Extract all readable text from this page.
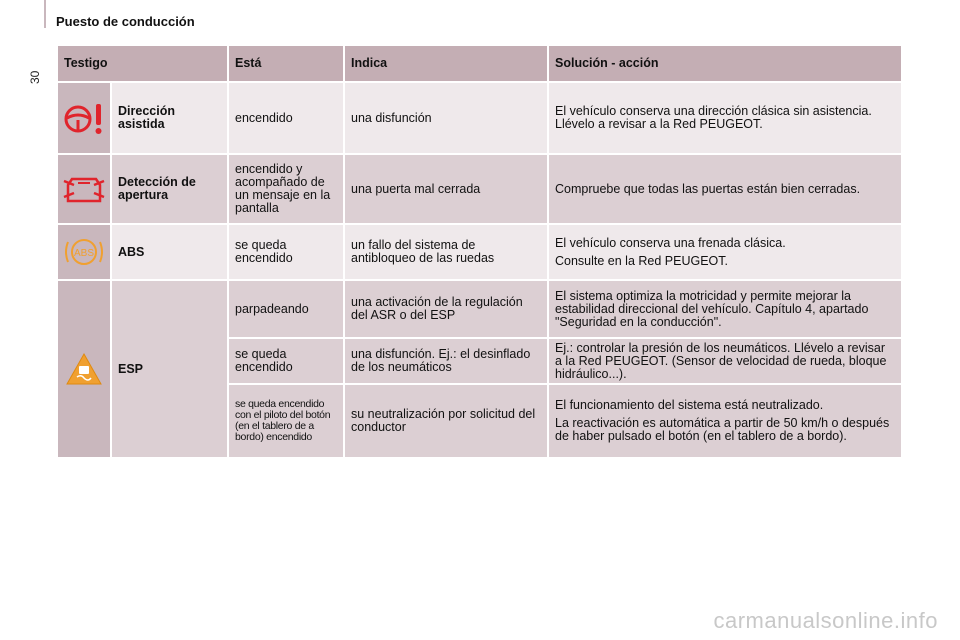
30
Puesto de conducción
Testigo		Está	Indica	Solución - acción

	Dirección asistida	encendido	una disfunción	El vehículo conserva una dirección clásica sin asistencia. Llévelo a revisar a la Red PEUGEOT.

	Detección de apertura	encendido y acompañado de un mensaje en la pantalla	una puerta mal cerrada	Compruebe que todas las puertas están bien cerradas.

ABS	ABS	se queda encendido	un fallo del sistema de antibloqueo de las ruedas	El vehículo conserva una frenada clásica.

Consulte en la Red PEUGEOT.

	ESP	parpadeando	una activación de la regulación del ASR o del ESP	El sistema optimiza la motricidad y permite mejorar la estabilidad direccional del vehículo. Capítulo 4, apartado "Seguridad en la conducción".

		se queda encendido	una disfunción. Ej.: el desinflado de los neumáticos	Ej.: controlar la presión de los neumáticos. Llévelo a revisar a la Red PEUGEOT. (Sensor de velocidad de rueda, bloque hidráulico...).

		se queda encendido con el piloto del botón (en el tablero de a bordo) encendido	su neutralización por solicitud del conductor	El funcionamiento del sistema está neutralizado.

La reactivación es automática a partir de 50 km/h o después de haber pulsado el botón (en el tablero de a bordo).

carmanualsonline.info
